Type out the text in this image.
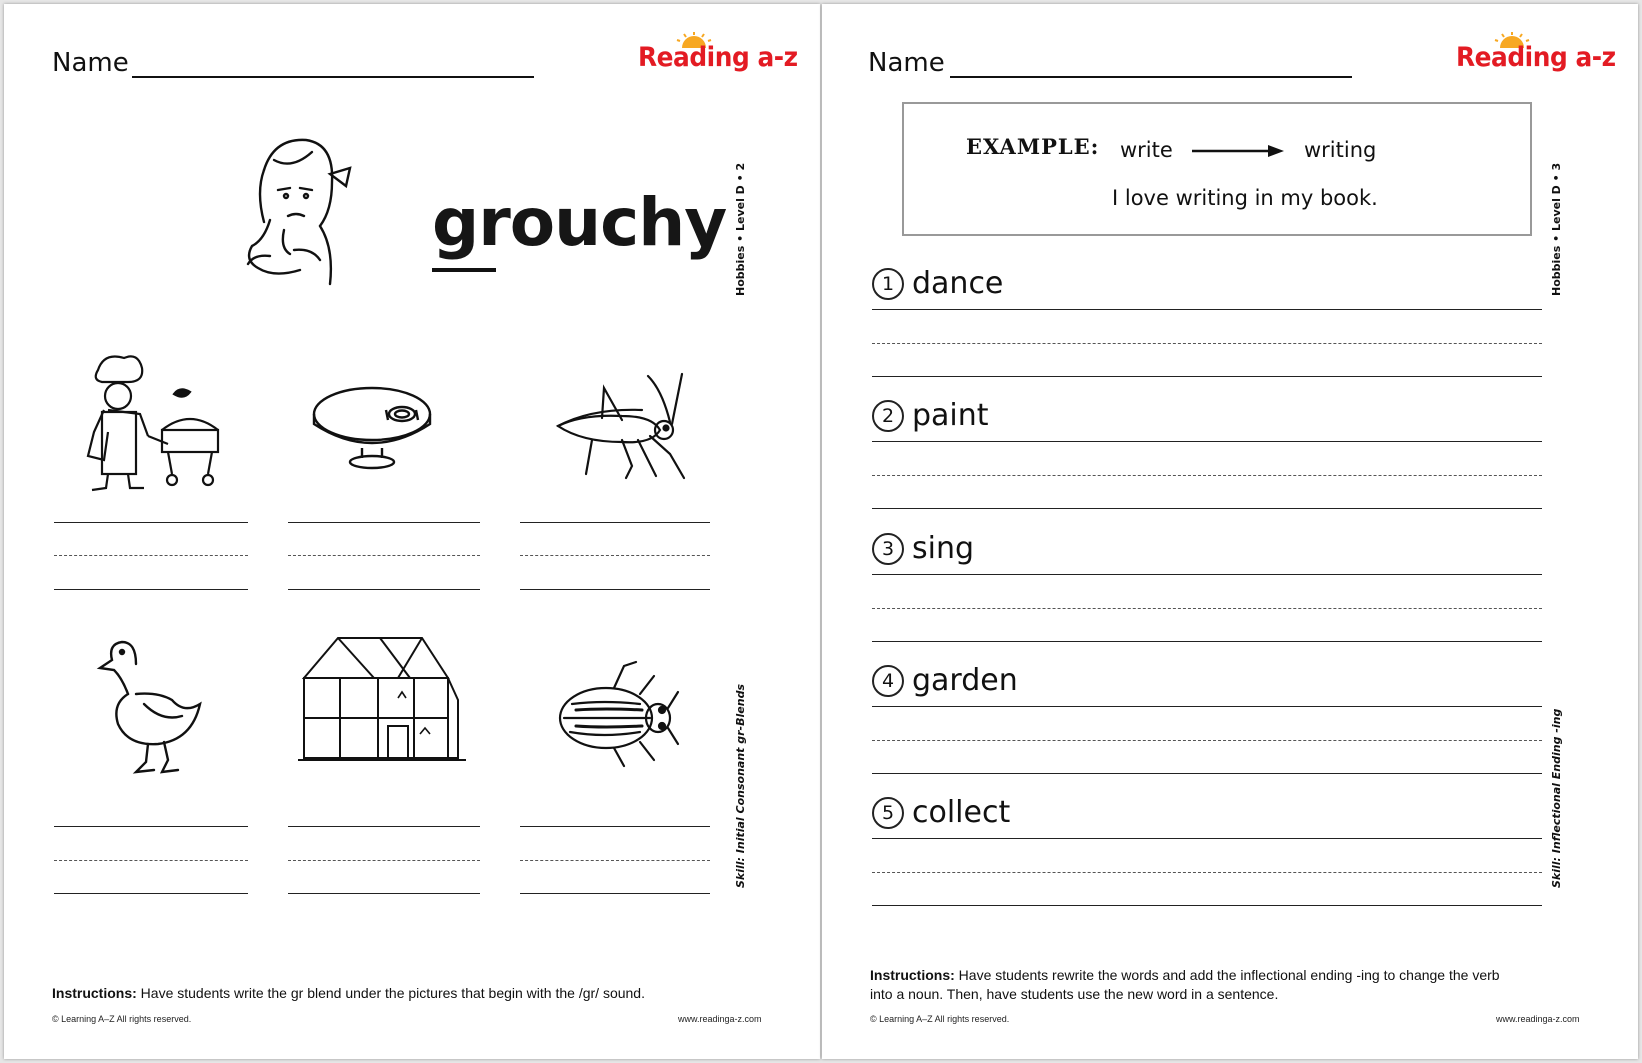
Name	Reading a-z
Hobbies • Level D • 2
Skill: Initial Consonant gr-Blends
grouchy
Instructions: Have students write the gr blend under the pictures that begin with the /gr/ sound.
© Learning A–Z All rights reserved.	www.readinga-z.com
Name	Reading a-z
Hobbies • Level D • 3
Skill: Inflectional Ending -ing
EXAMPLE: write	writing
I love writing in my book.
1 dance
2 paint
3 sing
4 garden
5 collect
Instructions: Have students rewrite the words and add the inflectional ending -ing to change the verb into a noun. Then, have students use the new word in a sentence.
© Learning A–Z All rights reserved.	www.readinga-z.com
